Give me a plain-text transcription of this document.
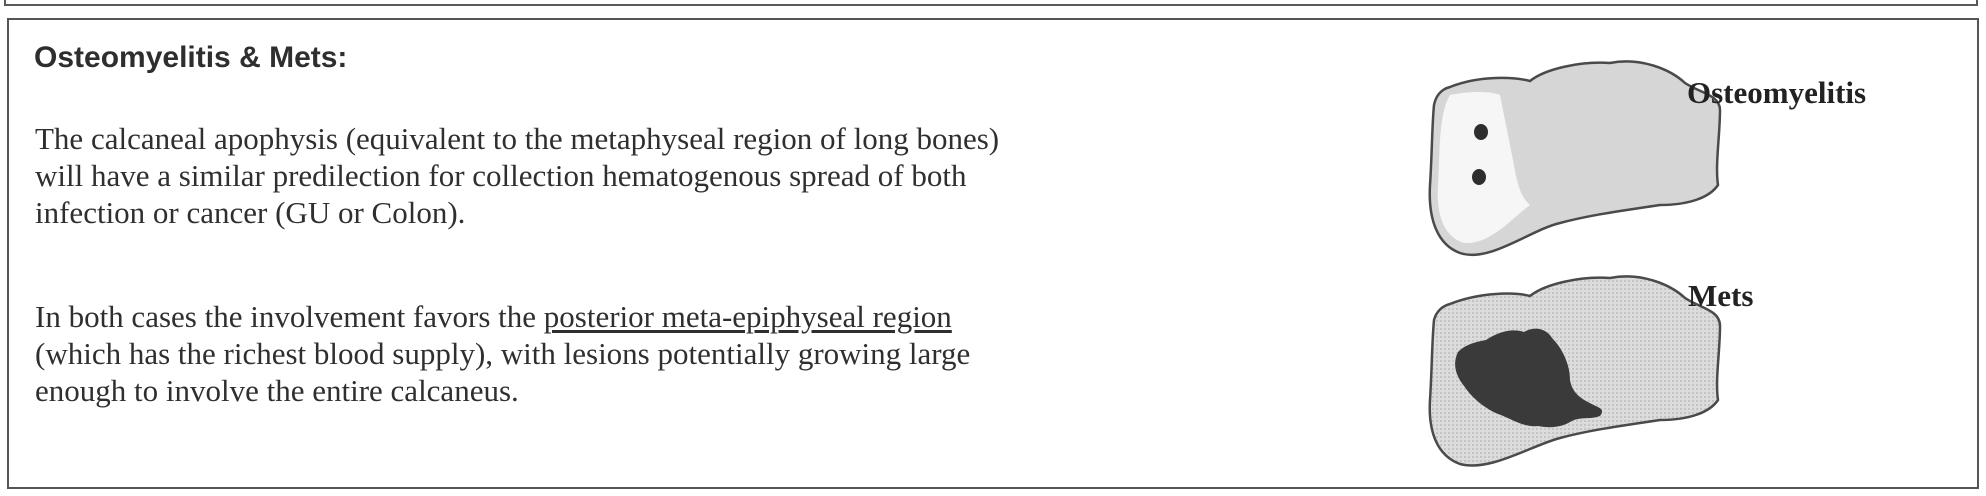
Osteomyelitis & Mets:
The calcaneal apophysis (equivalent to the metaphyseal region of long bones)
will have a similar predilection for collection hematogenous spread of both
infection or cancer (GU or Colon).
In both cases the involvement favors the posterior meta-epiphyseal region
(which has the richest blood supply), with lesions potentially growing large
enough to involve the entire calcaneus.
Osteomyelitis
Mets
